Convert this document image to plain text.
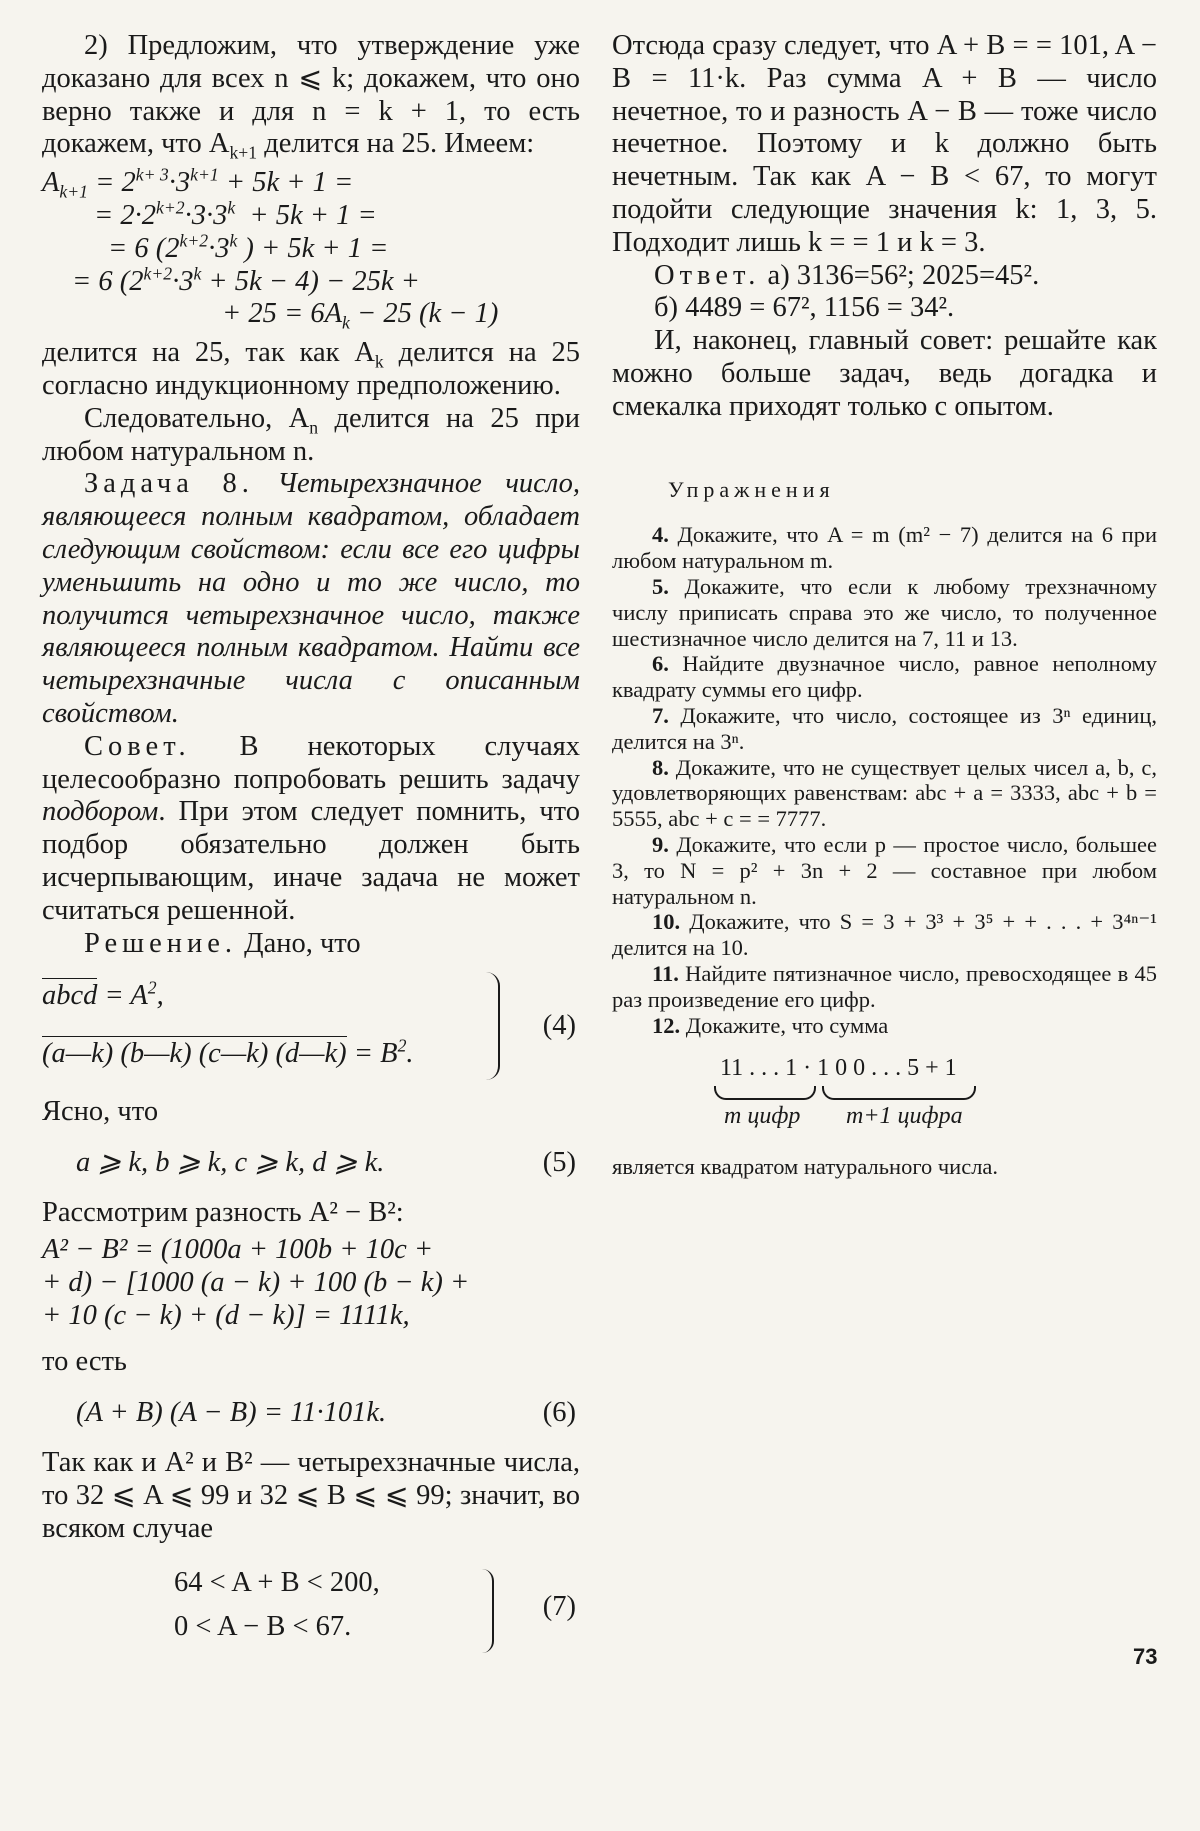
2) Предложим, что утверждение уже доказано для всех n ⩽ k; докажем, что оно верно также и для n = k + 1, то есть докажем, что $A_{k+1}$ делится на 25. Имеем:

$A_{k+1} = 2^{k+ 3}\cdot 3^{k+1} + 5k + 1$ =
= $2\cdot 2^{k+2}\cdot 3\cdot 3^k + 5k + 1$ =
= 6 ($2^{k+2}\cdot 3^k$ ) + 5k + 1 =
= 6 $(2^{k+2}\cdot 3^k + 5k - 4) - 25k$ +
+ $25 = 6A_k - 25$ (k − 1)

делится на 25, так как $A_k$ делится на 25 согласно индукционному предположению.

Следовательно, $A_n$ делится на 25 при любом натуральном n.

Задача 8. Четырехзначное число, являющееся полным квадратом, обладает следующим свойством: если все его цифры уменьшить на одно и то же число, то получится четырехзначное число, также являющееся полным квадратом. Найти все четырехзначные числа с описанным свойством.

Совет. В некоторых случаях целесообразно попробовать решить задачу подбором. При этом следует помнить, что подбор обязательно должен быть исчерпывающим, иначе задача не может считаться решенной.

Решение. Дано, что

abcd = $A^2$,
(a—k) (b—k) (c—k) (d—k) = $B^2$.
(4)

Ясно, что

a ⩾ k, b ⩾ k, c ⩾ k, d ⩾ k.	(5)

Рассмотрим разность A² − B²:

A² − B² = (1000a + 100b + 10c +
+ d) − [1000 (a − k) + 100 (b − k) +
+ 10 (c − k) + (d − k)] = 1111k,

то есть

(A + B) (A − B) = 11·101k.	(6)

Так как и A² и B² — четырехзначные числа, то 32 ⩽ A ⩽ 99 и 32 ⩽ B ⩽ ⩽ 99; значит, во всяком случае

64 < A + B < 200,
0 < A − B < 67.
(7)

Отсюда сразу следует, что A + B = = 101, A − B = 11·k. Раз сумма A + B — число нечетное, то и разность A − B — тоже число нечетное. Поэтому и k должно быть нечетным. Так как A − B < 67, то могут подойти следующие значения k: 1, 3, 5. Подходит лишь k = = 1 и k = 3.

Ответ. а) 3136=56²; 2025=45².

б) 4489 = 67², 1156 = 34².

И, наконец, главный совет: решайте как можно больше задач, ведь догадка и смекалка приходят только с опытом.

Упражнения

4. Докажите, что A = m (m² − 7) делится на 6 при любом натуральном m.

5. Докажите, что если к любому трехзначному числу приписать справа это же число, то полученное шестизначное число делится на 7, 11 и 13.

6. Найдите двузначное число, равное неполному квадрату суммы его цифр.

7. Докажите, что число, состоящее из 3ⁿ единиц, делится на 3ⁿ.

8. Докажите, что не существует целых чисел a, b, c, удовлетворяющих равенствам: abc + a = 3333, abc + b = 5555, abc + c = = 7777.

9. Докажите, что если p — простое число, большее 3, то N = p² + 3n + 2 — составное при любом натуральном n.

10. Докажите, что S = 3 + 3³ + 3⁵ + + . . . + 3⁴ⁿ⁻¹ делится на 10.

11. Найдите пятизначное число, превосходящее в 45 раз произведение его цифр.

12. Докажите, что сумма

11 . . . 1 · 1 0 0 . . . 5 + 1
m цифр m+1 цифра

является квадратом натурального числа.

73
